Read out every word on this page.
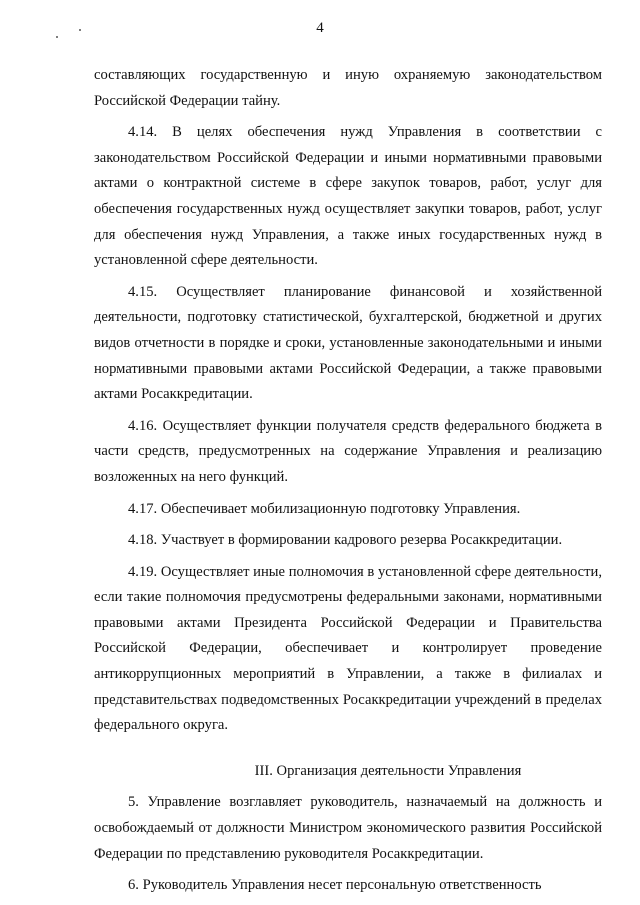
4

составляющих государственную и иную охраняемую законодательством Российской Федерации тайну.

4.14. В целях обеспечения нужд Управления в соответствии с законодательством Российской Федерации и иными нормативными правовыми актами о контрактной системе в сфере закупок товаров, работ, услуг для обеспечения государственных нужд осуществляет закупки товаров, работ, услуг для обеспечения нужд Управления, а также иных государственных нужд в установленной сфере деятельности.

4.15. Осуществляет планирование финансовой и хозяйственной деятельности, подготовку статистической, бухгалтерской, бюджетной и других видов отчетности в порядке и сроки, установленные законодательными и иными нормативными правовыми актами Российской Федерации, а также правовыми актами Росаккредитации.

4.16. Осуществляет функции получателя средств федерального бюджета в части средств, предусмотренных на содержание Управления и реализацию возложенных на него функций.

4.17. Обеспечивает мобилизационную подготовку Управления.

4.18. Участвует в формировании кадрового резерва Росаккредитации.

4.19. Осуществляет иные полномочия в установленной сфере деятельности, если такие полномочия предусмотрены федеральными законами, нормативными правовыми актами Президента Российской Федерации и Правительства Российской Федерации, обеспечивает и контролирует проведение антикоррупционных мероприятий в Управлении, а также в филиалах и представительствах подведомственных Росаккредитации учреждений в пределах федерального округа.

III. Организация деятельности Управления

5. Управление возглавляет руководитель, назначаемый на должность и освобождаемый от должности Министром экономического развития Российской Федерации по представлению руководителя Росаккредитации.

6. Руководитель Управления несет персональную ответственность
